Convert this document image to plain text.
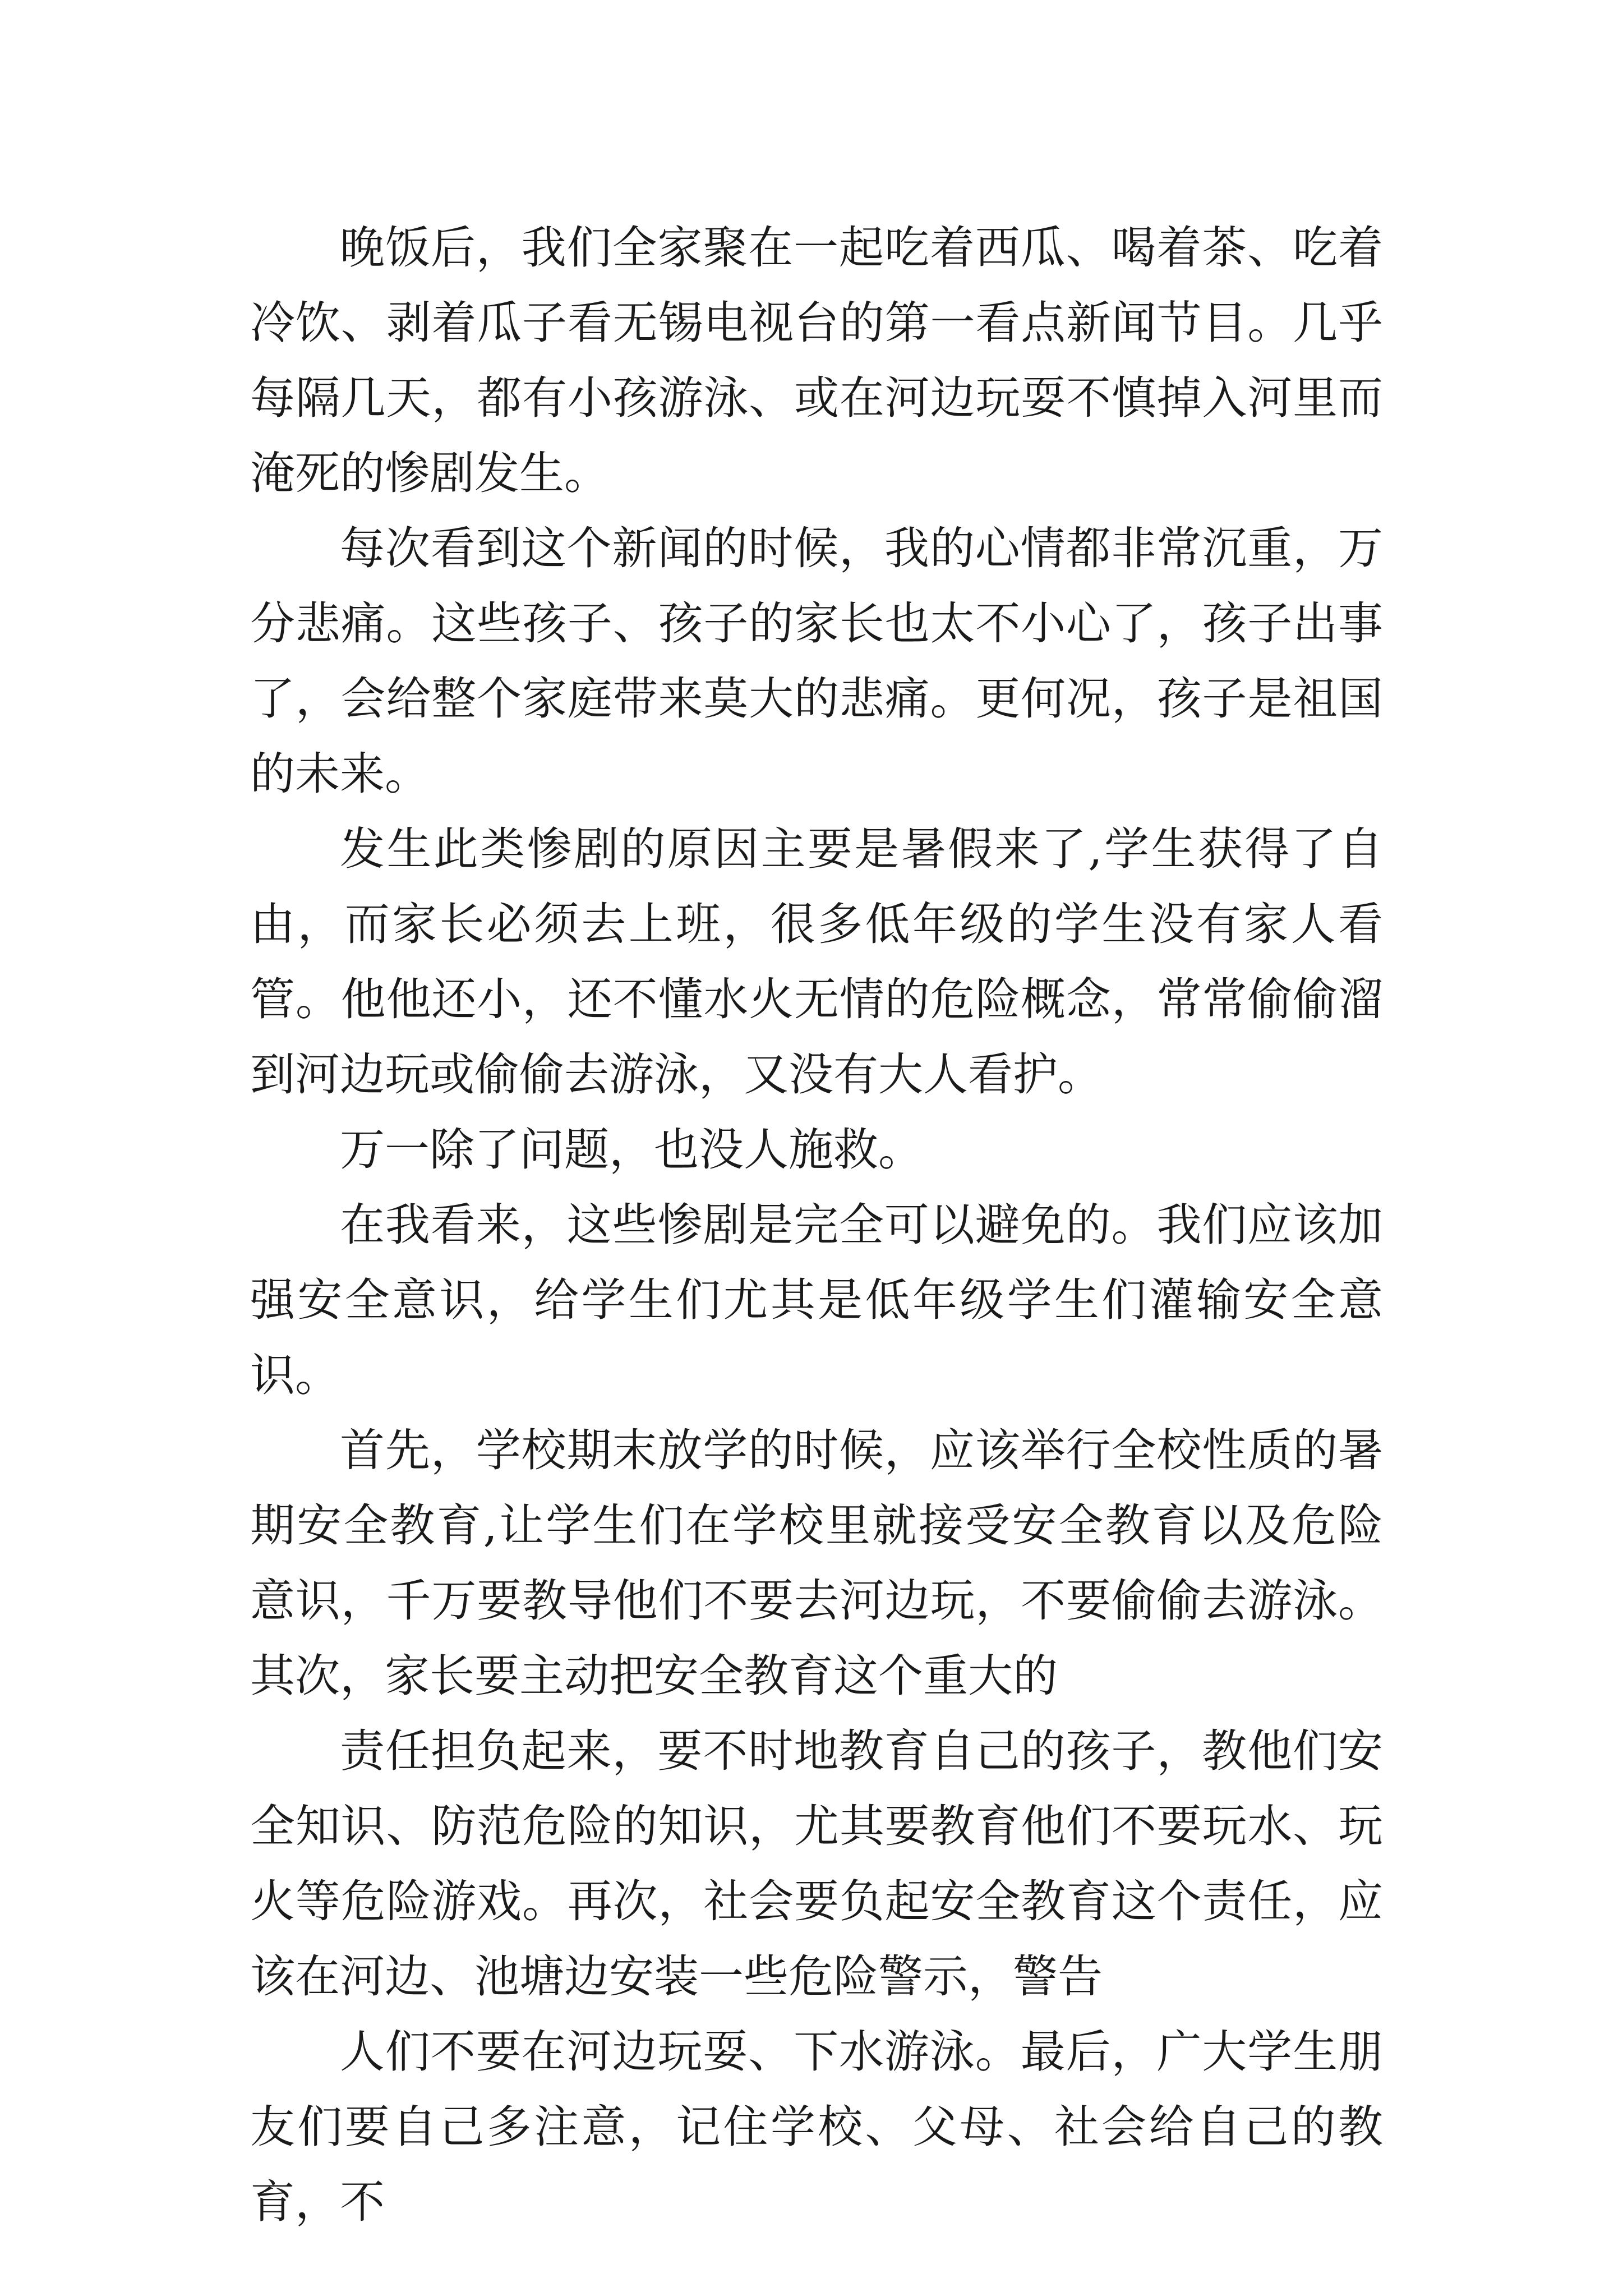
晚饭后，我们全家聚在一起吃着西瓜、喝着茶、吃着冷饮、剥着瓜子看无锡电视台的第一看点新闻节目。几乎每隔几天，都有小孩游泳、或在河边玩耍不慎掉入河里而淹死的惨剧发生。

每次看到这个新闻的时候，我的心情都非常沉重，万分悲痛。这些孩子、孩子的家长也太不小心了，孩子出事了，会给整个家庭带来莫大的悲痛。更何况，孩子是祖国的未来。

发生此类惨剧的原因主要是暑假来了,学生获得了自由，而家长必须去上班，很多低年级的学生没有家人看管。他他还小，还不懂水火无情的危险概念，常常偷偷溜到河边玩或偷偷去游泳，又没有大人看护。

万一除了问题，也没人施救。

在我看来，这些惨剧是完全可以避免的。我们应该加强安全意识，给学生们尤其是低年级学生们灌输安全意识。

首先，学校期末放学的时候，应该举行全校性质的暑期安全教育,让学生们在学校里就接受安全教育以及危险意识，千万要教导他们不要去河边玩，不要偷偷去游泳。其次，家长要主动把安全教育这个重大的

责任担负起来，要不时地教育自己的孩子，教他们安全知识、防范危险的知识，尤其要教育他们不要玩水、玩火等危险游戏。再次，社会要负起安全教育这个责任，应该在河边、池塘边安装一些危险警示，警告

人们不要在河边玩耍、下水游泳。最后，广大学生朋友们要自己多注意，记住学校、父母、社会给自己的教育，不
